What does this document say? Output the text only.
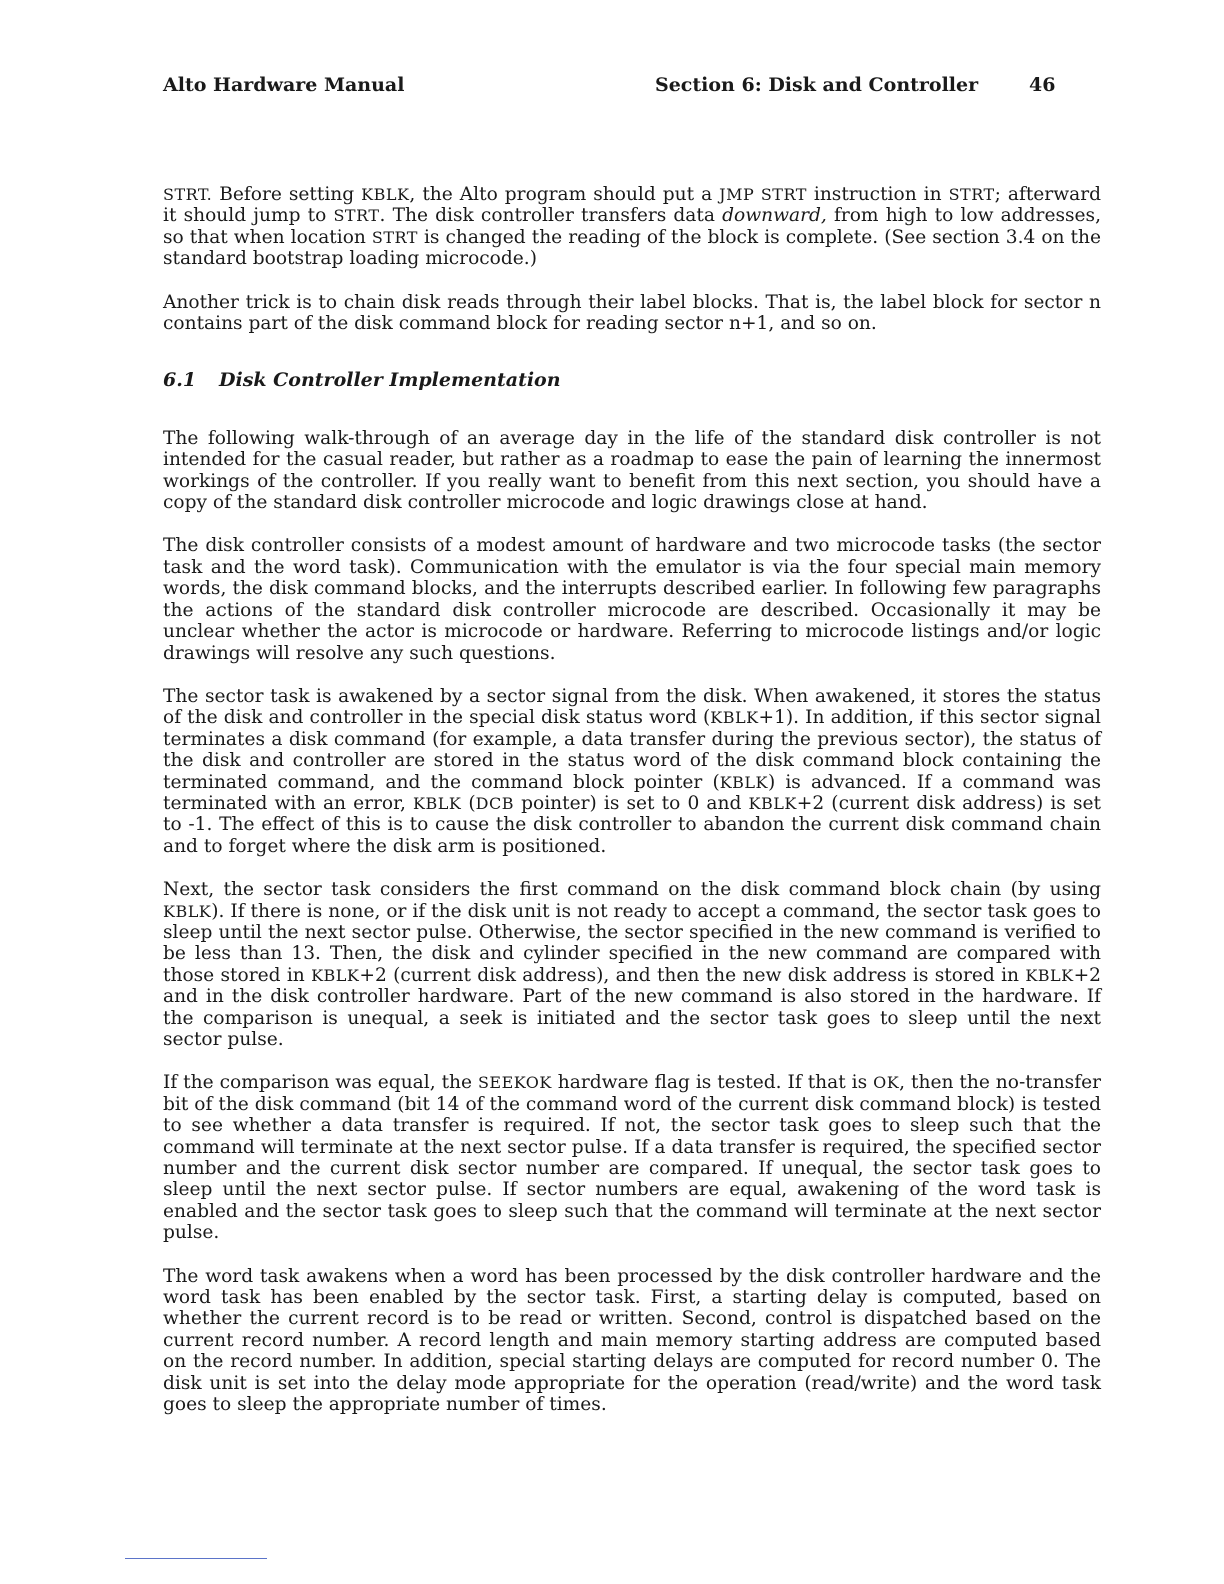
Alto Hardware Manual	Section 6: Disk and Controller	46

STRT. Before setting KBLK, the Alto program should put a JMP STRT instruction in STRT; afterward it should jump to STRT. The disk controller transfers data downward, from high to low addresses, so that when location STRT is changed the reading of the block is complete. (See section 3.4 on the standard bootstrap loading microcode.)

Another trick is to chain disk reads through their label blocks. That is, the label block for sector n contains part of the disk command block for reading sector n+1, and so on.

6.1 Disk Controller Implementation

The following walk-through of an average day in the life of the standard disk controller is not intended for the casual reader, but rather as a roadmap to ease the pain of learning the innermost workings of the controller. If you really want to benefit from this next section, you should have a copy of the standard disk controller microcode and logic drawings close at hand.

The disk controller consists of a modest amount of hardware and two microcode tasks (the sector task and the word task). Communication with the emulator is via the four special main memory words, the disk command blocks, and the interrupts described earlier. In following few paragraphs the actions of the standard disk controller microcode are described. Occasionally it may be unclear whether the actor is microcode or hardware. Referring to microcode listings and/or logic drawings will resolve any such questions.

The sector task is awakened by a sector signal from the disk. When awakened, it stores the status of the disk and controller in the special disk status word (KBLK+1). In addition, if this sector signal terminates a disk command (for example, a data transfer during the previous sector), the status of the disk and controller are stored in the status word of the disk command block containing the terminated command, and the command block pointer (KBLK) is advanced. If a command was terminated with an error, KBLK (DCB pointer) is set to 0 and KBLK+2 (current disk address) is set to -1. The effect of this is to cause the disk controller to abandon the current disk command chain and to forget where the disk arm is positioned.

Next, the sector task considers the first command on the disk command block chain (by using KBLK). If there is none, or if the disk unit is not ready to accept a command, the sector task goes to sleep until the next sector pulse. Otherwise, the sector specified in the new command is verified to be less than 13. Then, the disk and cylinder specified in the new command are compared with those stored in KBLK+2 (current disk address), and then the new disk address is stored in KBLK+2 and in the disk controller hardware. Part of the new command is also stored in the hardware. If the comparison is unequal, a seek is initiated and the sector task goes to sleep until the next sector pulse.

If the comparison was equal, the SEEKOK hardware flag is tested. If that is OK, then the no-transfer bit of the disk command (bit 14 of the command word of the current disk command block) is tested to see whether a data transfer is required. If not, the sector task goes to sleep such that the command will terminate at the next sector pulse. If a data transfer is required, the specified sector number and the current disk sector number are compared. If unequal, the sector task goes to sleep until the next sector pulse. If sector numbers are equal, awakening of the word task is enabled and the sector task goes to sleep such that the command will terminate at the next sector pulse.

The word task awakens when a word has been processed by the disk controller hardware and the word task has been enabled by the sector task. First, a starting delay is computed, based on whether the current record is to be read or written. Second, control is dispatched based on the current record number. A record length and main memory starting address are computed based on the record number. In addition, special starting delays are computed for record number 0. The disk unit is set into the delay mode appropriate for the operation (read/write) and the word task goes to sleep the appropriate number of times.
